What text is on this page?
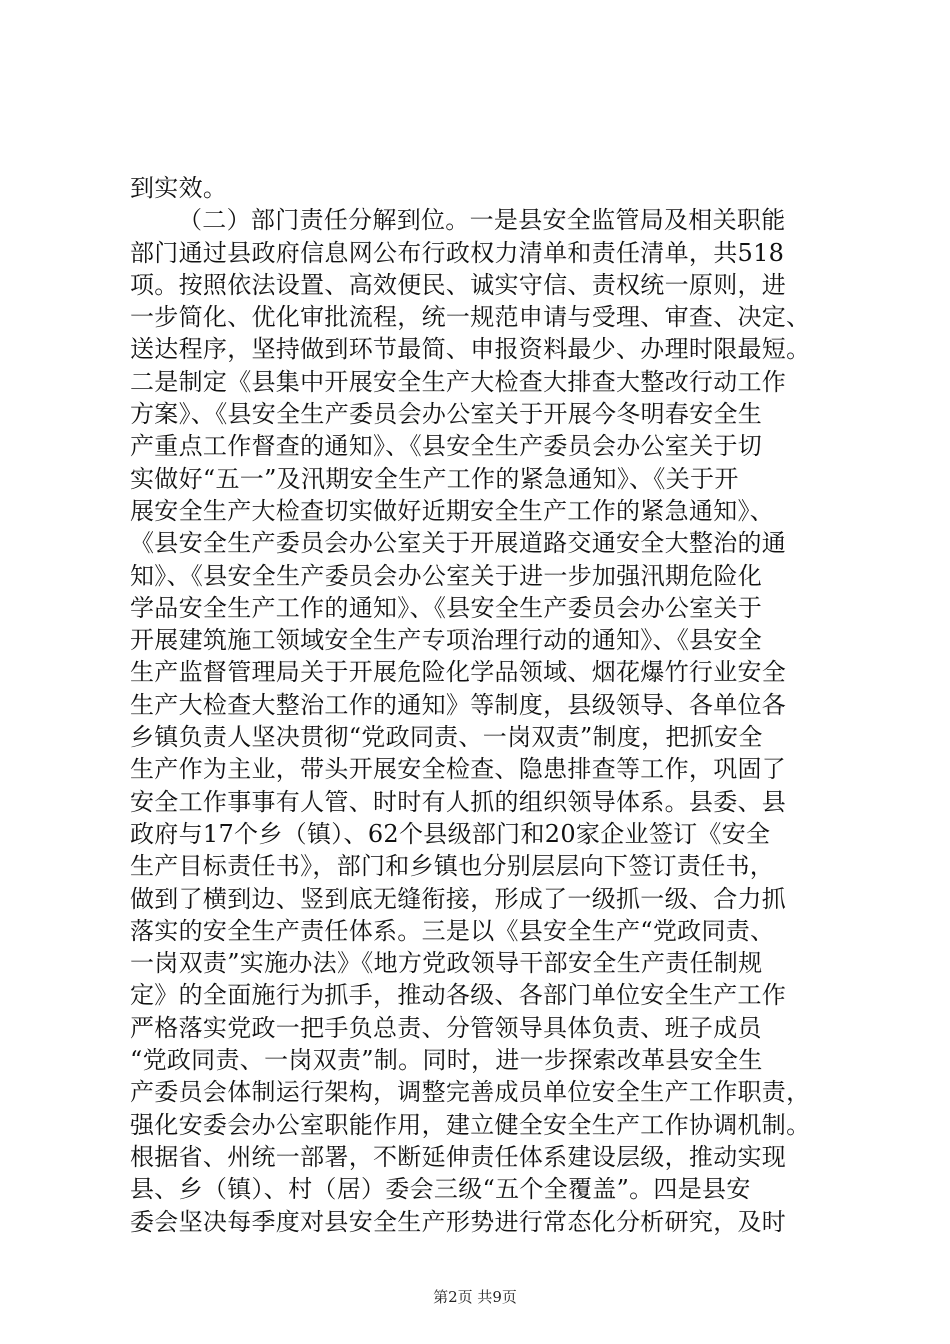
到实效。
（二）部门责任分解到位。一是县安全监管局及相关职能
部门通过县政府信息网公布行政权力清单和责任清单，共518
项。按照依法设置、高效便民、诚实守信、责权统一原则，进
一步简化、优化审批流程，统一规范申请与受理、审查、决定、
送达程序，坚持做到环节最简、申报资料最少、办理时限最短。
二是制定《县集中开展安全生产大检查大排查大整改行动工作
方案》、《县安全生产委员会办公室关于开展今冬明春安全生
产重点工作督查的通知》、《县安全生产委员会办公室关于切
实做好“五一”及汛期安全生产工作的紧急通知》、《关于开
展安全生产大检查切实做好近期安全生产工作的紧急通知》、
《县安全生产委员会办公室关于开展道路交通安全大整治的通
知》、《县安全生产委员会办公室关于进一步加强汛期危险化
学品安全生产工作的通知》、《县安全生产委员会办公室关于
开展建筑施工领域安全生产专项治理行动的通知》、《县安全
生产监督管理局关于开展危险化学品领域、烟花爆竹行业安全
生产大检查大整治工作的通知》等制度，县级领导、各单位各
乡镇负责人坚决贯彻“党政同责、一岗双责”制度，把抓安全
生产作为主业，带头开展安全检查、隐患排查等工作，巩固了
安全工作事事有人管、时时有人抓的组织领导体系。县委、县
政府与17个乡（镇）、62个县级部门和20家企业签订《安全
生产目标责任书》，部门和乡镇也分别层层向下签订责任书，
做到了横到边、竖到底无缝衔接，形成了一级抓一级、合力抓
落实的安全生产责任体系。三是以《县安全生产“党政同责、
一岗双责”实施办法》《地方党政领导干部安全生产责任制规
定》的全面施行为抓手，推动各级、各部门单位安全生产工作
严格落实党政一把手负总责、分管领导具体负责、班子成员
“党政同责、一岗双责”制。同时，进一步探索改革县安全生
产委员会体制运行架构，调整完善成员单位安全生产工作职责，
强化安委会办公室职能作用，建立健全安全生产工作协调机制。
根据省、州统一部署，不断延伸责任体系建设层级，推动实现
县、乡（镇）、村（居）委会三级“五个全覆盖”。四是县安
委会坚决每季度对县安全生产形势进行常态化分析研究，及时
第2页 共9页
